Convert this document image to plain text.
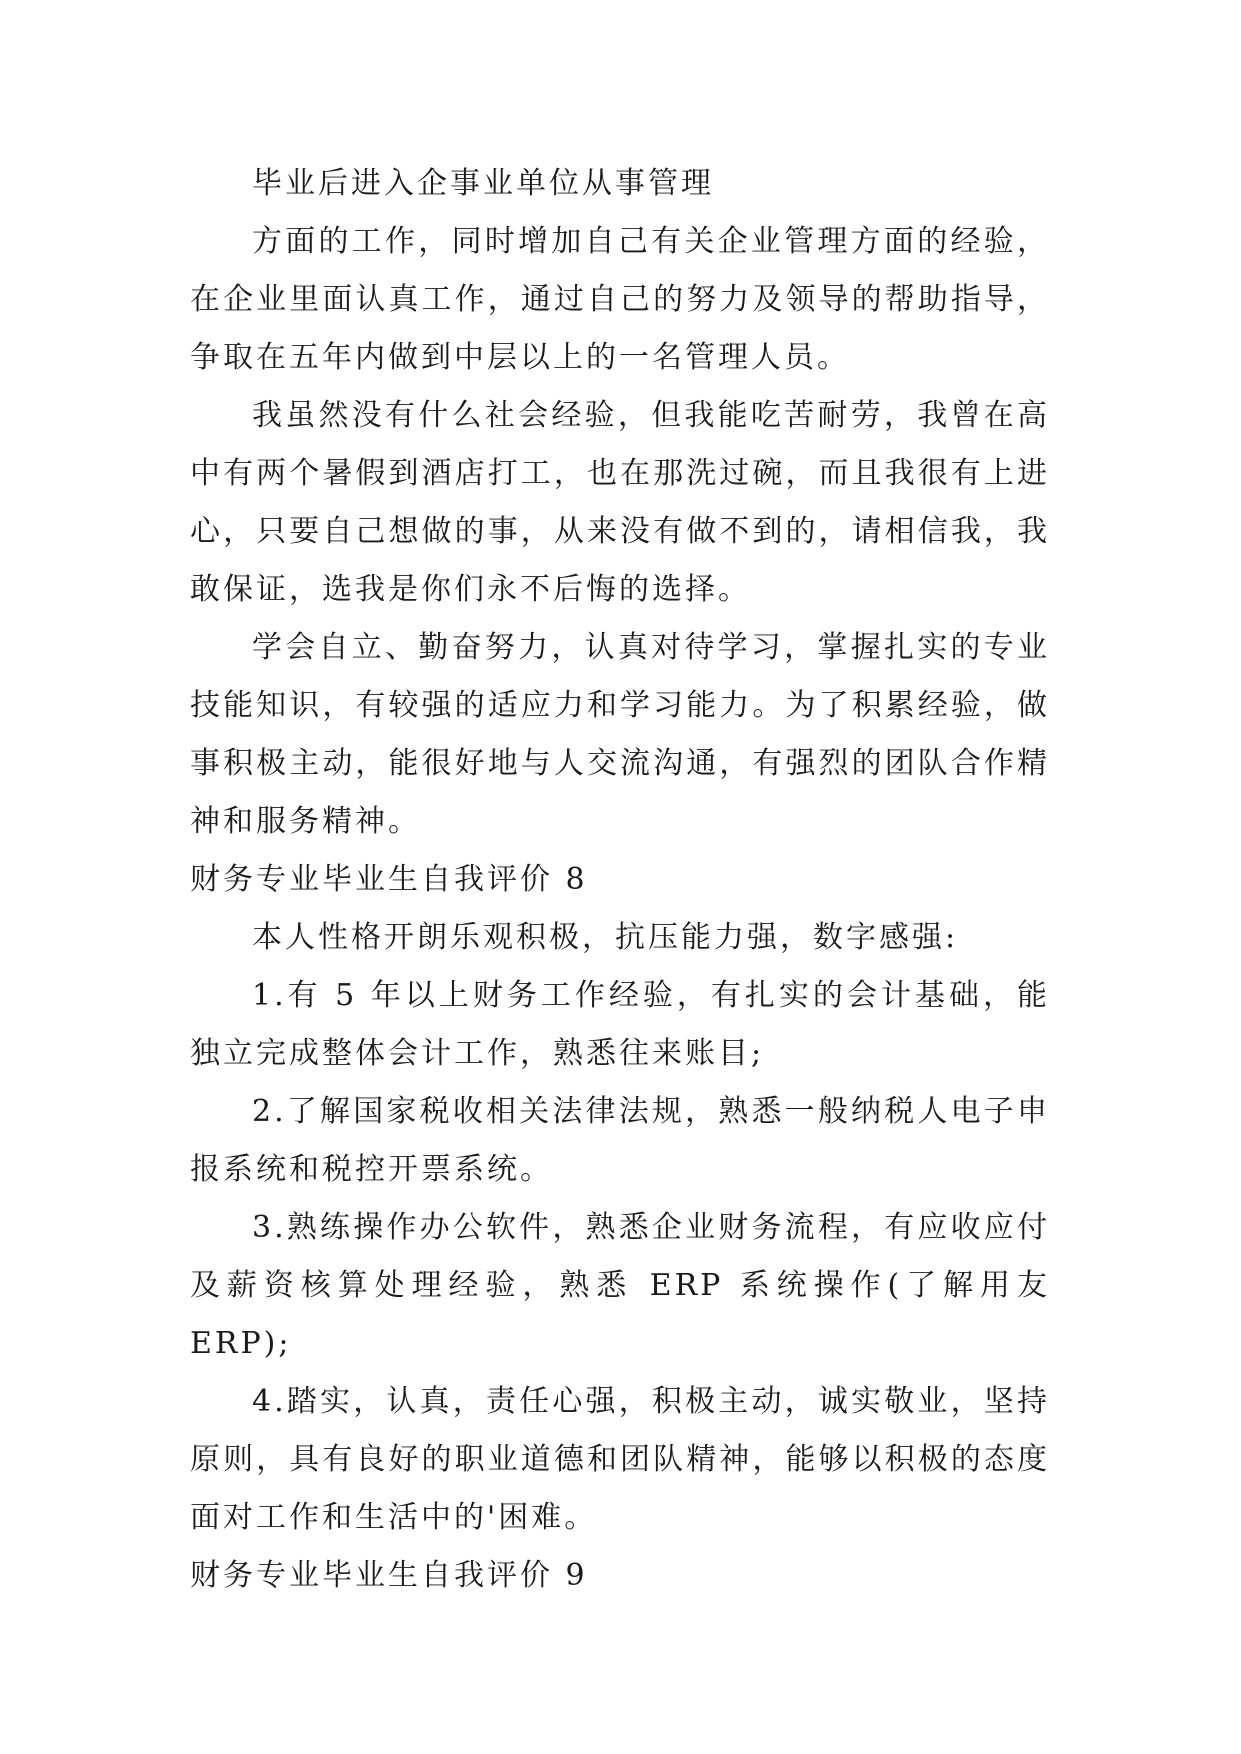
毕业后进入企事业单位从事管理

方面的工作，同时增加自己有关企业管理方面的经验，在企业里面认真工作，通过自己的努力及领导的帮助指导，争取在五年内做到中层以上的一名管理人员。

我虽然没有什么社会经验，但我能吃苦耐劳，我曾在高中有两个暑假到酒店打工，也在那洗过碗，而且我很有上进心，只要自己想做的事，从来没有做不到的，请相信我，我敢保证，选我是你们永不后悔的选择。

学会自立、勤奋努力，认真对待学习，掌握扎实的专业技能知识，有较强的适应力和学习能力。为了积累经验，做事积极主动，能很好地与人交流沟通，有强烈的团队合作精神和服务精神。

财务专业毕业生自我评价 8

本人性格开朗乐观积极，抗压能力强，数字感强:

1.有 5 年以上财务工作经验，有扎实的会计基础，能独立完成整体会计工作，熟悉往来账目;

2.了解国家税收相关法律法规，熟悉一般纳税人电子申报系统和税控开票系统。

3.熟练操作办公软件，熟悉企业财务流程，有应收应付及薪资核算处理经验，熟悉 ERP 系统操作(了解用友 ERP);

4.踏实，认真，责任心强，积极主动，诚实敬业，坚持原则，具有良好的职业道德和团队精神，能够以积极的态度面对工作和生活中的'困难。

财务专业毕业生自我评价 9
